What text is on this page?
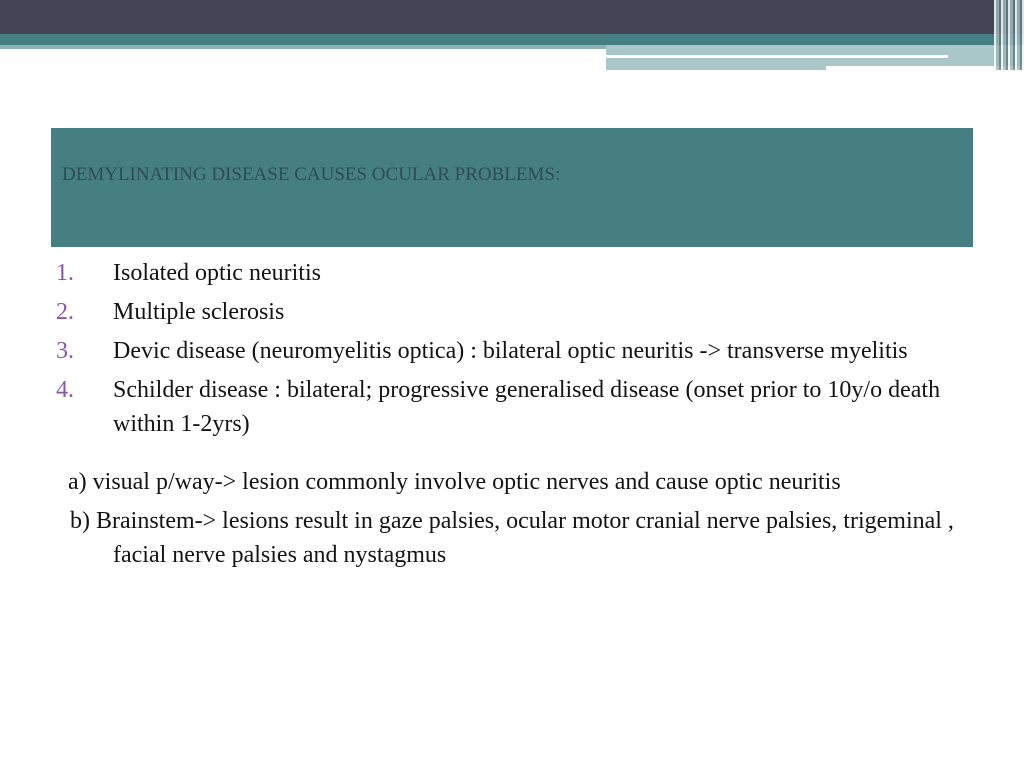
DEMYLINATING DISEASE CAUSES OCULAR PROBLEMS:
1.	Isolated optic neuritis
2.	Multiple sclerosis
3.	Devic disease (neuromyelitis optica) : bilateral optic neuritis -> transverse myelitis
4.	Schilder disease : bilateral; progressive generalised disease (onset prior to 10y/o death within 1-2yrs)
a) visual p/way-> lesion commonly involve optic nerves and cause optic neuritis
b) Brainstem-> lesions result in gaze palsies, ocular motor cranial nerve palsies, trigeminal , facial nerve palsies and nystagmus
